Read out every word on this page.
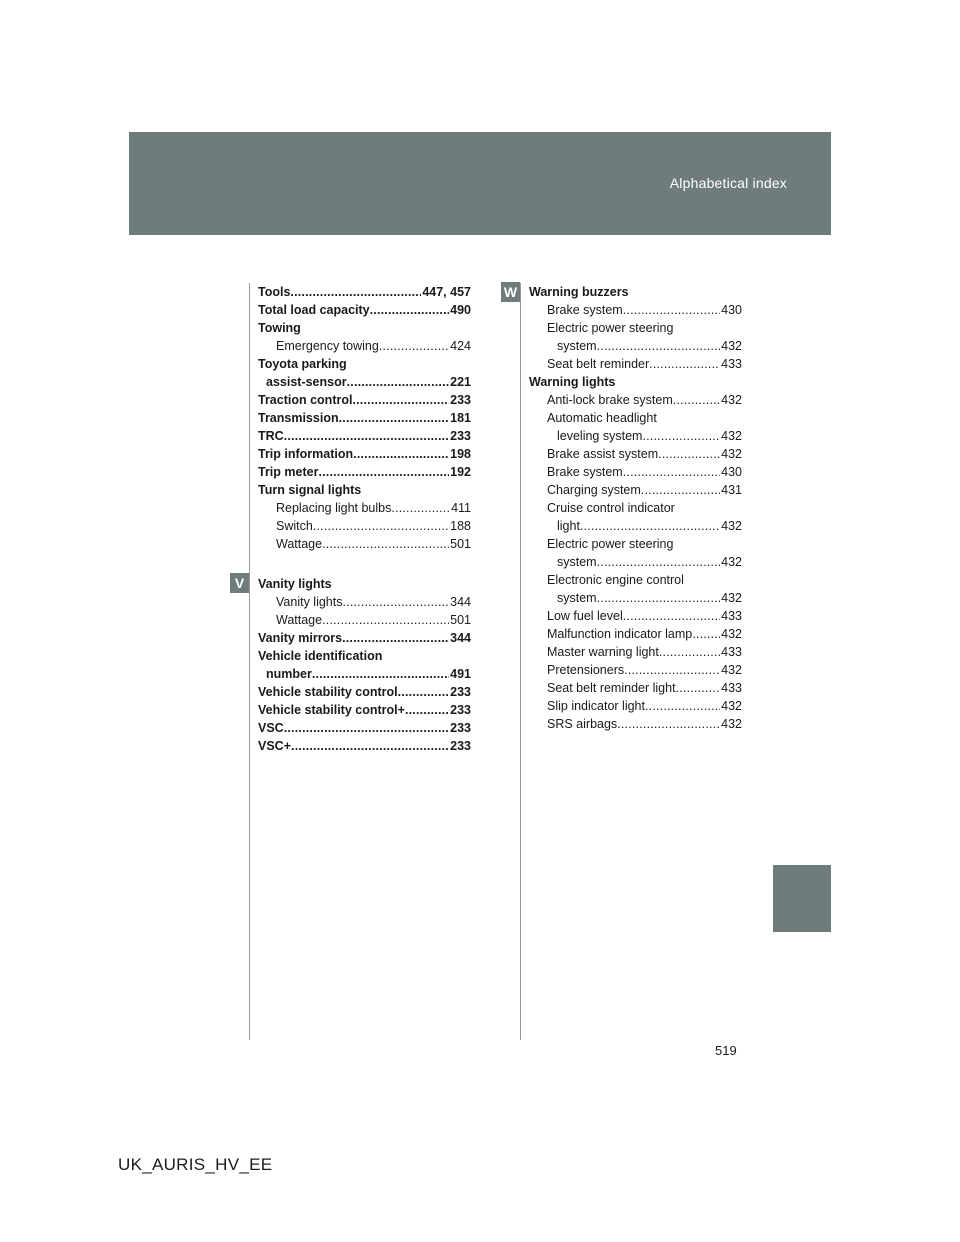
Alphabetical index
V
W
Tools .....	447, 457
Total load capacity .....	490
Towing
Emergency towing .....	424
Toyota parking
assist-sensor .....	221
Traction control .....	233
Transmission .....	181
TRC .....	233
Trip information .....	198
Trip meter .....	192
Turn signal lights
Replacing light bulbs .....	411
Switch .....	188
Wattage .....	501
Vanity lights
Vanity lights .....	344
Wattage .....	501
Vanity mirrors .....	344
Vehicle identification
number .....	491
Vehicle stability control .....	233
Vehicle stability control+ .....	233
VSC .....	233
VSC+ .....	233
Warning buzzers
Brake system .....	430
Electric power steering
system .....	432
Seat belt reminder .....	433
Warning lights
Anti-lock brake system .....	432
Automatic headlight
leveling system .....	432
Brake assist system .....	432
Brake system .....	430
Charging system .....	431
Cruise control indicator
light .....	432
Electric power steering
system .....	432
Electronic engine control
system .....	432
Low fuel level .....	433
Malfunction indicator lamp ..... 432
Master warning light .....	433
Pretensioners .....	432
Seat belt reminder light .....	433
Slip indicator light .....	432
SRS airbags .....	432
519
UK_AURIS_HV_EE
